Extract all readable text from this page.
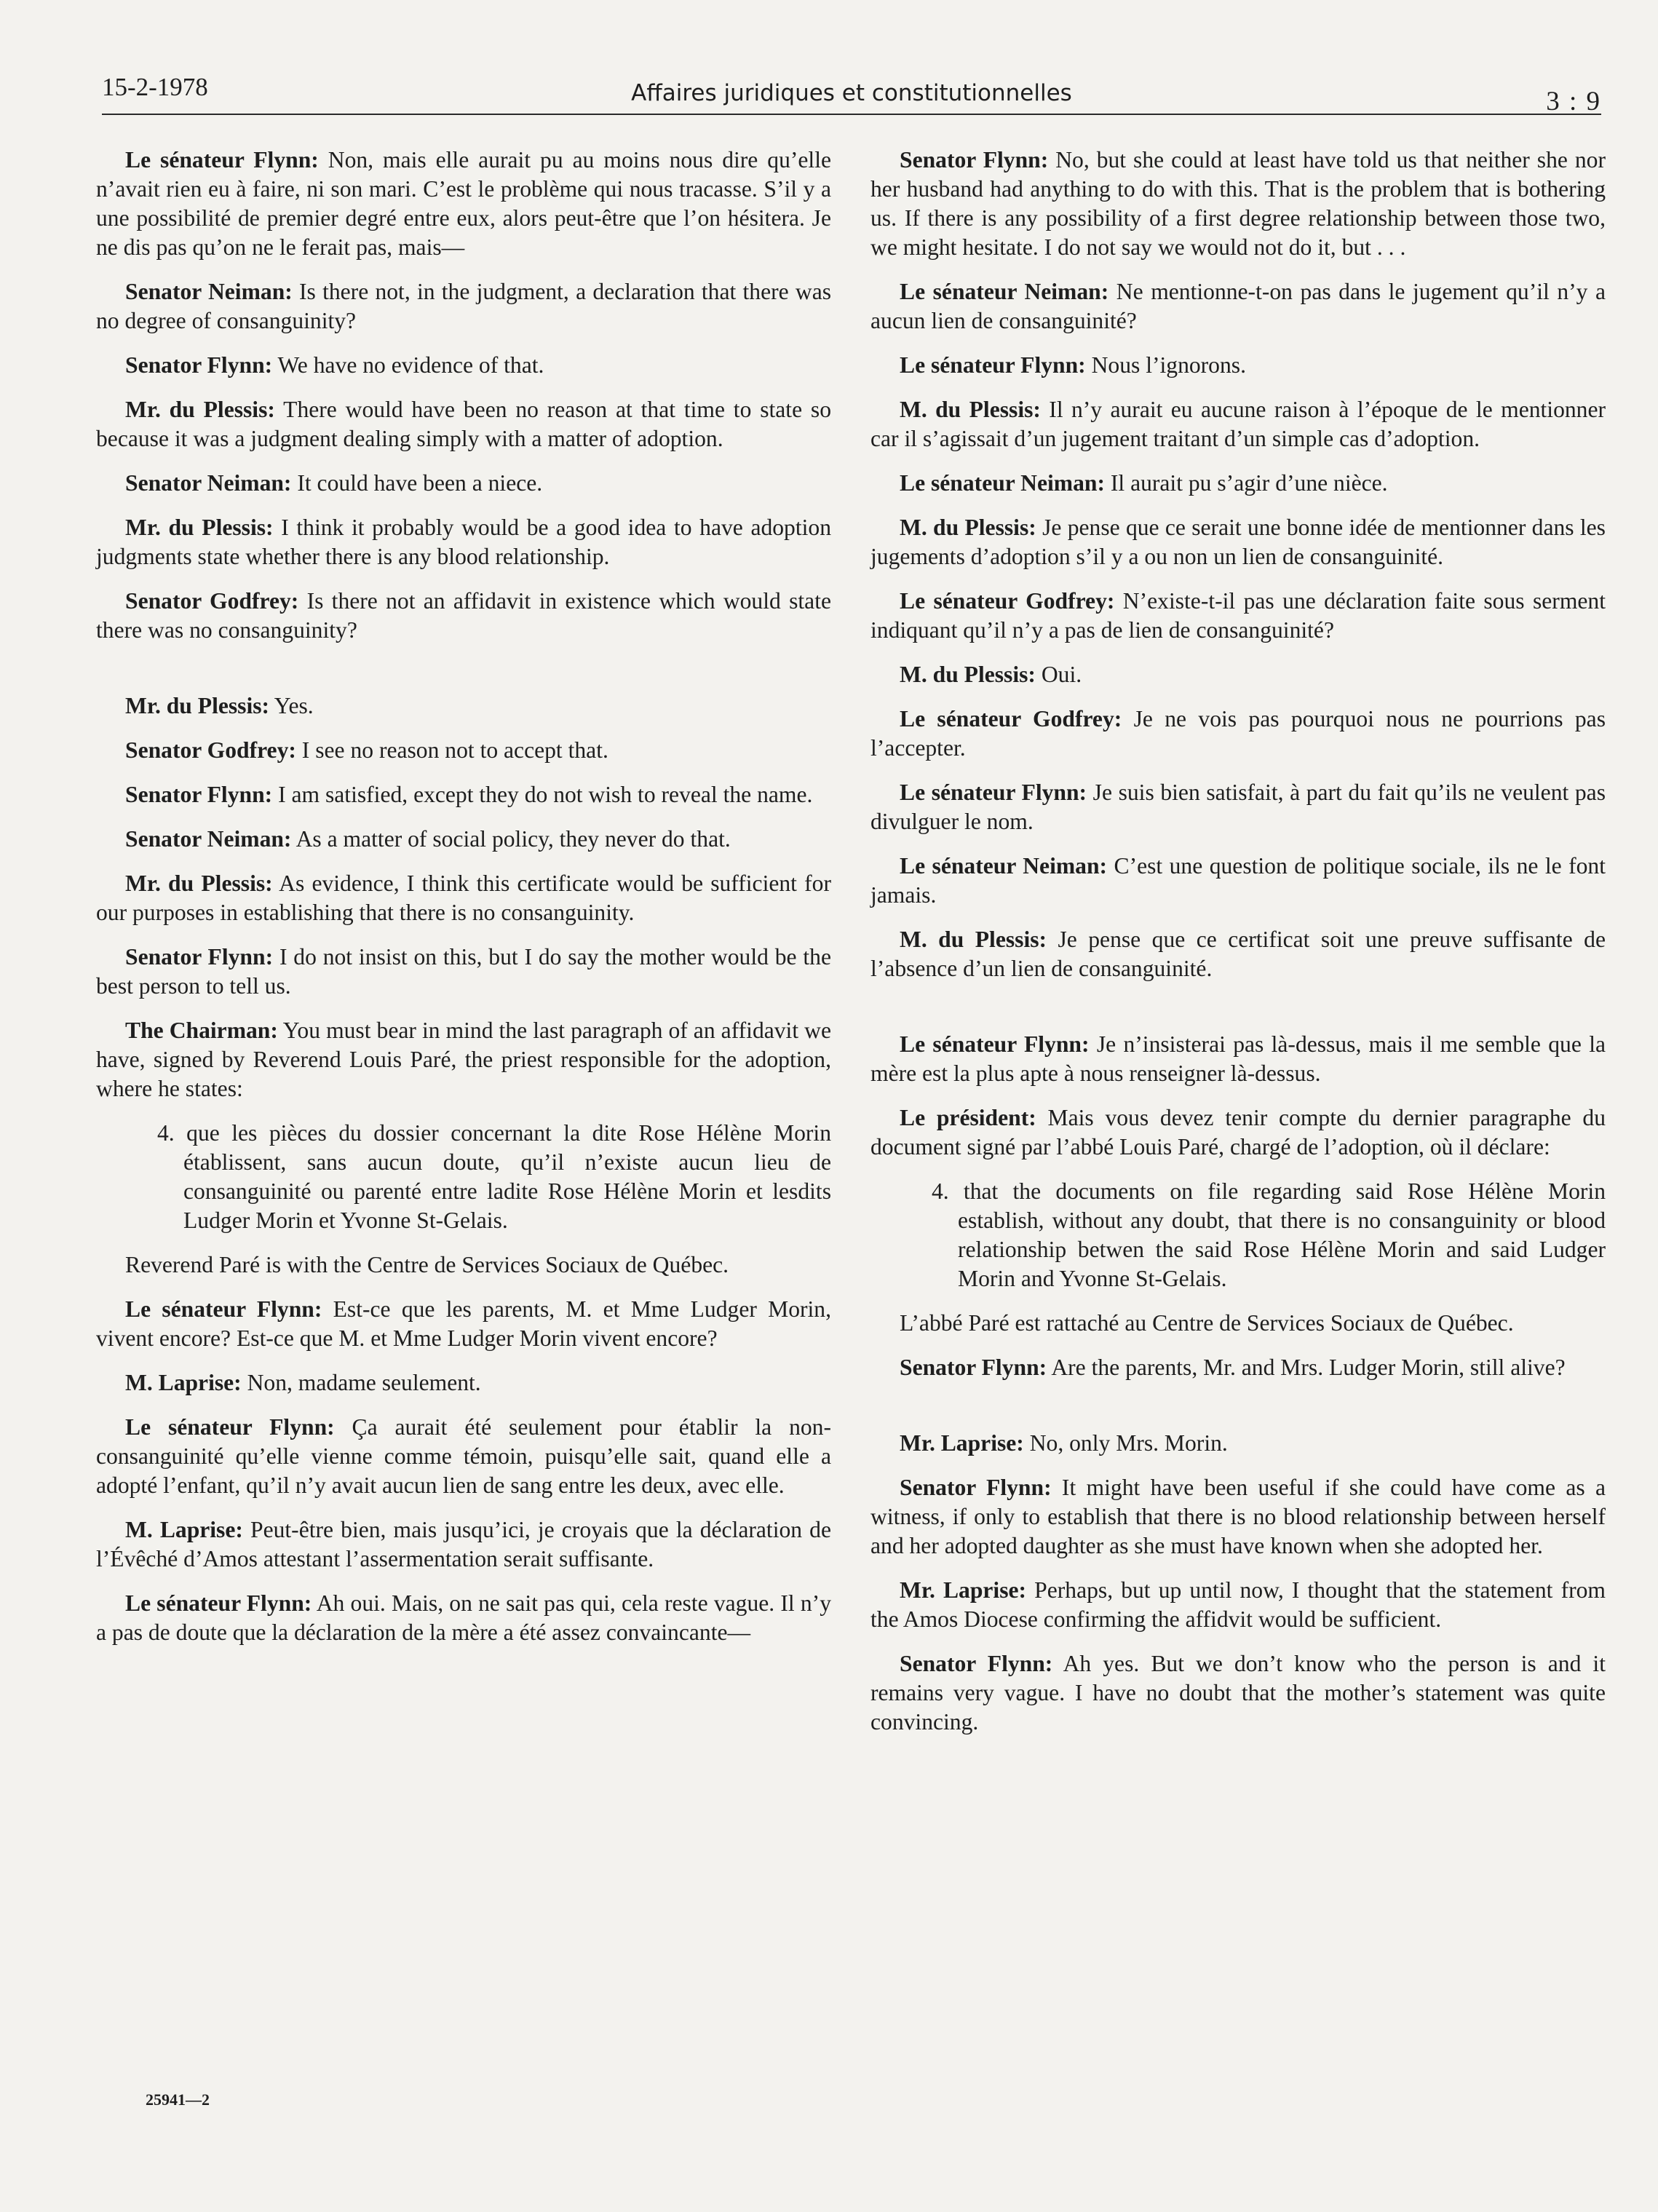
15-2-1978	Affaires juridiques et constitutionnelles	3 : 9

Le sénateur Flynn: Non, mais elle aurait pu au moins nous dire qu’elle n’avait rien eu à faire, ni son mari. C’est le problème qui nous tracasse. S’il y a une possibilité de premier degré entre eux, alors peut-être que l’on hésitera. Je ne dis pas qu’on ne le ferait pas, mais—

Senator Neiman: Is there not, in the judgment, a declaration that there was no degree of consanguinity?

Senator Flynn: We have no evidence of that.

Mr. du Plessis: There would have been no reason at that time to state so because it was a judgment dealing simply with a matter of adoption.

Senator Neiman: It could have been a niece.

Mr. du Plessis: I think it probably would be a good idea to have adoption judgments state whether there is any blood relationship.

Senator Godfrey: Is there not an affidavit in existence which would state there was no consanguinity?

Mr. du Plessis: Yes.

Senator Godfrey: I see no reason not to accept that.

Senator Flynn: I am satisfied, except they do not wish to reveal the name.

Senator Neiman: As a matter of social policy, they never do that.

Mr. du Plessis: As evidence, I think this certificate would be sufficient for our purposes in establishing that there is no consanguinity.

Senator Flynn: I do not insist on this, but I do say the mother would be the best person to tell us.

The Chairman: You must bear in mind the last paragraph of an affidavit we have, signed by Reverend Louis Paré, the priest responsible for the adoption, where he states:

4. que les pièces du dossier concernant la dite Rose Hélène Morin établissent, sans aucun doute, qu’il n’existe aucun lieu de consanguinité ou parenté entre ladite Rose Hélène Morin et lesdits Ludger Morin et Yvonne St-Gelais.

Reverend Paré is with the Centre de Services Sociaux de Québec.

Le sénateur Flynn: Est-ce que les parents, M. et Mme Ludger Morin, vivent encore? Est-ce que M. et Mme Ludger Morin vivent encore?

M. Laprise: Non, madame seulement.

Le sénateur Flynn: Ça aurait été seulement pour établir la non-consanguinité qu’elle vienne comme témoin, puisqu’elle sait, quand elle a adopté l’enfant, qu’il n’y avait aucun lien de sang entre les deux, avec elle.

M. Laprise: Peut-être bien, mais jusqu’ici, je croyais que la déclaration de l’Évêché d’Amos attestant l’assermentation serait suffisante.

Le sénateur Flynn: Ah oui. Mais, on ne sait pas qui, cela reste vague. Il n’y a pas de doute que la déclaration de la mère a été assez convaincante—

Senator Flynn: No, but she could at least have told us that neither she nor her husband had anything to do with this. That is the problem that is bothering us. If there is any possibility of a first degree relationship between those two, we might hesitate. I do not say we would not do it, but . . .

Le sénateur Neiman: Ne mentionne-t-on pas dans le jugement qu’il n’y a aucun lien de consanguinité?

Le sénateur Flynn: Nous l’ignorons.

M. du Plessis: Il n’y aurait eu aucune raison à l’époque de le mentionner car il s’agissait d’un jugement traitant d’un simple cas d’adoption.

Le sénateur Neiman: Il aurait pu s’agir d’une nièce.

M. du Plessis: Je pense que ce serait une bonne idée de mentionner dans les jugements d’adoption s’il y a ou non un lien de consanguinité.

Le sénateur Godfrey: N’existe-t-il pas une déclaration faite sous serment indiquant qu’il n’y a pas de lien de consanguinité?

M. du Plessis: Oui.

Le sénateur Godfrey: Je ne vois pas pourquoi nous ne pourrions pas l’accepter.

Le sénateur Flynn: Je suis bien satisfait, à part du fait qu’ils ne veulent pas divulguer le nom.

Le sénateur Neiman: C’est une question de politique sociale, ils ne le font jamais.

M. du Plessis: Je pense que ce certificat soit une preuve suffisante de l’absence d’un lien de consanguinité.

Le sénateur Flynn: Je n’insisterai pas là-dessus, mais il me semble que la mère est la plus apte à nous renseigner là-dessus.

Le président: Mais vous devez tenir compte du dernier paragraphe du document signé par l’abbé Louis Paré, chargé de l’adoption, où il déclare:

4. that the documents on file regarding said Rose Hélène Morin establish, without any doubt, that there is no consanguinity or blood relationship betwen the said Rose Hélène Morin and said Ludger Morin and Yvonne St-Gelais.

L’abbé Paré est rattaché au Centre de Services Sociaux de Québec.

Senator Flynn: Are the parents, Mr. and Mrs. Ludger Morin, still alive?

Mr. Laprise: No, only Mrs. Morin.

Senator Flynn: It might have been useful if she could have come as a witness, if only to establish that there is no blood relationship between herself and her adopted daughter as she must have known when she adopted her.

Mr. Laprise: Perhaps, but up until now, I thought that the statement from the Amos Diocese confirming the affidvit would be sufficient.

Senator Flynn: Ah yes. But we don’t know who the person is and it remains very vague. I have no doubt that the mother’s statement was quite convincing.

25941—2
